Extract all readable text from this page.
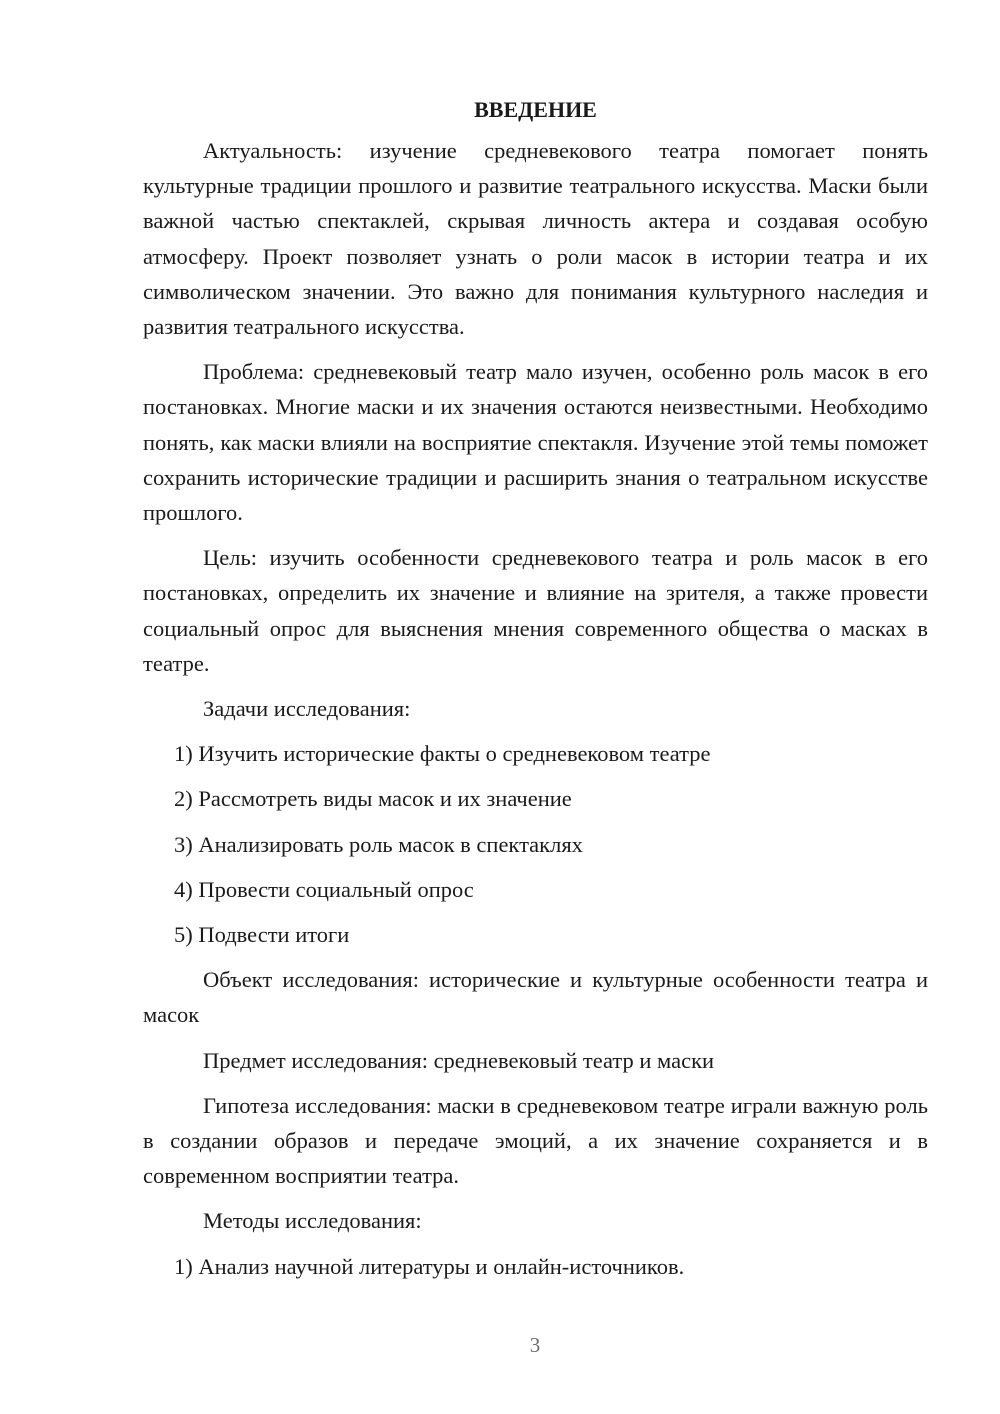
ВВЕДЕНИЕ

Актуальность: изучение средневекового театра помогает понять культурные традиции прошлого и развитие театрального искусства. Маски были важной частью спектаклей, скрывая личность актера и создавая особую атмосферу. Проект позволяет узнать о роли масок в истории театра и их символическом значении. Это важно для понимания культурного наследия и развития театрального искусства.

Проблема: средневековый театр мало изучен, особенно роль масок в его постановках. Многие маски и их значения остаются неизвестными. Необходимо понять, как маски влияли на восприятие спектакля. Изучение этой темы поможет сохранить исторические традиции и расширить знания о театральном искусстве прошлого.

Цель: изучить особенности средневекового театра и роль масок в его постановках, определить их значение и влияние на зрителя, а также провести социальный опрос для выяснения мнения современного общества о масках в театре.

Задачи исследования:

1) Изучить исторические факты о средневековом театре

2) Рассмотреть виды масок и их значение

3) Анализировать роль масок в спектаклях

4) Провести социальный опрос

5) Подвести итоги

Объект исследования: исторические и культурные особенности театра и масок

Предмет исследования: средневековый театр и маски

Гипотеза исследования: маски в средневековом театре играли важную роль в создании образов и передаче эмоций, а их значение сохраняется и в современном восприятии театра.

Методы исследования:

1) Анализ научной литературы и онлайн-источников.

3
